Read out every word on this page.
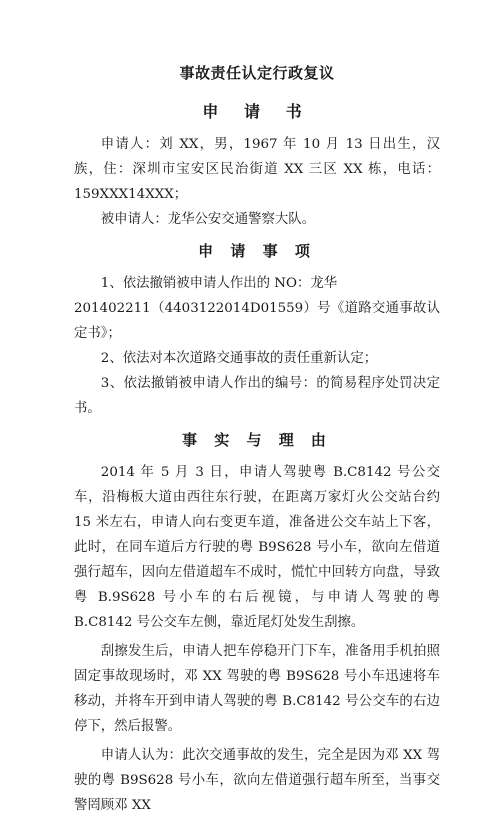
事故责任认定行政复议
申 请 书

申请人：刘 XX，男，1967 年 10 月 13 日出生，汉族，住：深圳市宝安区民治街道 XX 三区 XX 栋，电话：159XXX14XXX；

被申请人：龙华公安交通警察大队。

申 请 事 项

1、依法撤销被申请人作出的 NO：龙华

201402211（4403122014D01559）号《道路交通事故认定书》；

2、依法对本次道路交通事故的责任重新认定；

3、依法撤销被申请人作出的编号：的简易程序处罚决定书。

事 实 与 理 由

2014 年 5 月 3 日，申请人驾驶粤 B.C8142 号公交车，沿梅板大道由西往东行驶，在距离万家灯火公交站台约 15 米左右，申请人向右变更车道，准备进公交车站上下客，此时，在同车道后方行驶的粤 B9S628 号小车，欲向左借道强行超车，因向左借道超车不成时，慌忙中回转方向盘，导致粤 B.9S628 号小车的右后视镜，与申请人驾驶的粤 B.C8142 号公交车左侧，靠近尾灯处发生刮擦。

刮擦发生后，申请人把车停稳开门下车，准备用手机拍照固定事故现场时，邓 XX 驾驶的粤 B9S628 号小车迅速将车移动，并将车开到申请人驾驶的粤 B.C8142 号公交车的右边停下，然后报警。

申请人认为：此次交通事故的发生，完全是因为邓 XX 驾驶的粤 B9S628 号小车，欲向左借道强行超车所至，当事交警罔顾邓 XX
